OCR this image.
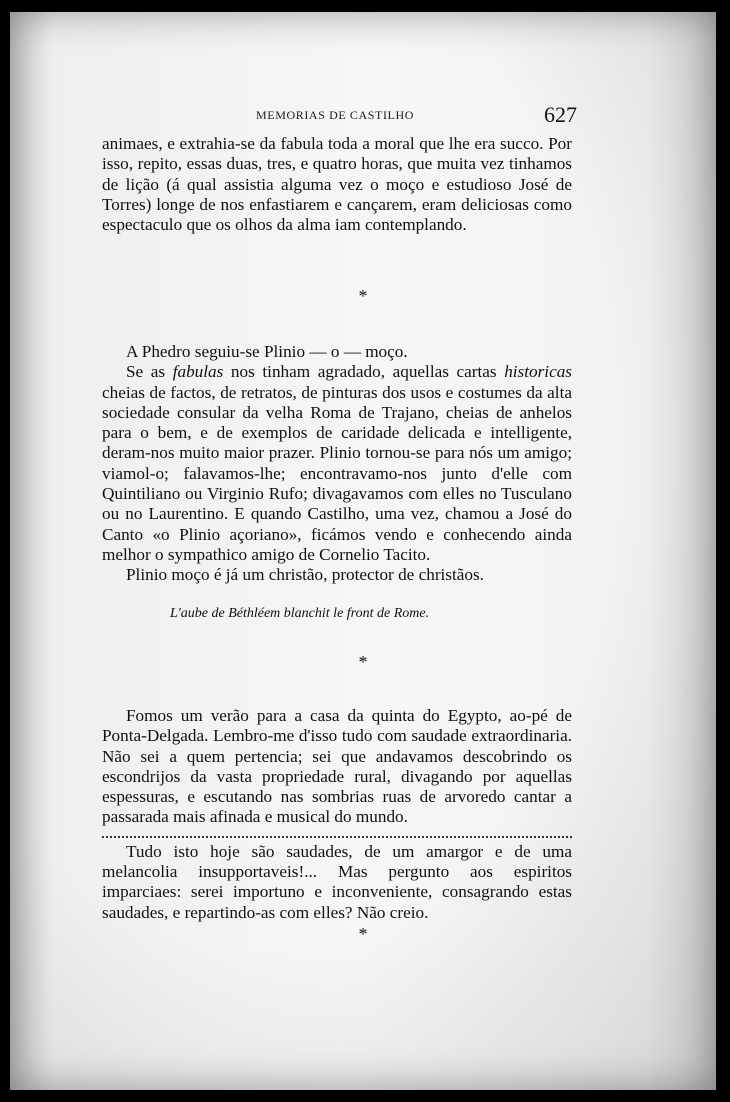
MEMORIAS DE CASTILHO	627

animaes, e extrahia-se da fabula toda a moral que lhe era succo. Por isso, repito, essas duas, tres, e quatro horas, que muita vez tinhamos de lição (á qual assistia alguma vez o moço e estudioso José de Torres) longe de nos enfastiarem e cançarem, eram deliciosas como espectaculo que os olhos da alma iam contemplando.

*

A Phedro seguiu-se Plinio — o — moço.

Se as fabulas nos tinham agradado, aquellas cartas historicas cheias de factos, de retratos, de pinturas dos usos e costumes da alta sociedade consular da velha Roma de Trajano, cheias de anhelos para o bem, e de exemplos de caridade delicada e intelligente, deram-nos muito maior prazer. Plinio tornou-se para nós um amigo; viamol-o; falavamos-lhe; encontravamo-nos junto d'elle com Quintiliano ou Virginio Rufo; divagavamos com elles no Tusculano ou no Laurentino. E quando Castilho, uma vez, chamou a José do Canto «o Plinio açoriano», ficámos vendo e conhecendo ainda melhor o sympathico amigo de Cornelio Tacito.

Plinio moço é já um christão, protector de christãos.

L'aube de Béthléem blanchit le front de Rome.
*

Fomos um verão para a casa da quinta do Egypto, ao-pé de Ponta-Delgada. Lembro-me d'isso tudo com saudade extraordinaria. Não sei a quem pertencia; sei que andavamos descobrindo os escondrijos da vasta propriedade rural, divagando por aquellas espessuras, e escutando nas sombrias ruas de arvoredo cantar a passarada mais afinada e musical do mundo.

Tudo isto hoje são saudades, de um amargor e de uma melancolia insupportaveis!... Mas pergunto aos espiritos imparciaes: serei importuno e inconveniente, consagrando estas saudades, e repartindo-as com elles? Não creio.

*
